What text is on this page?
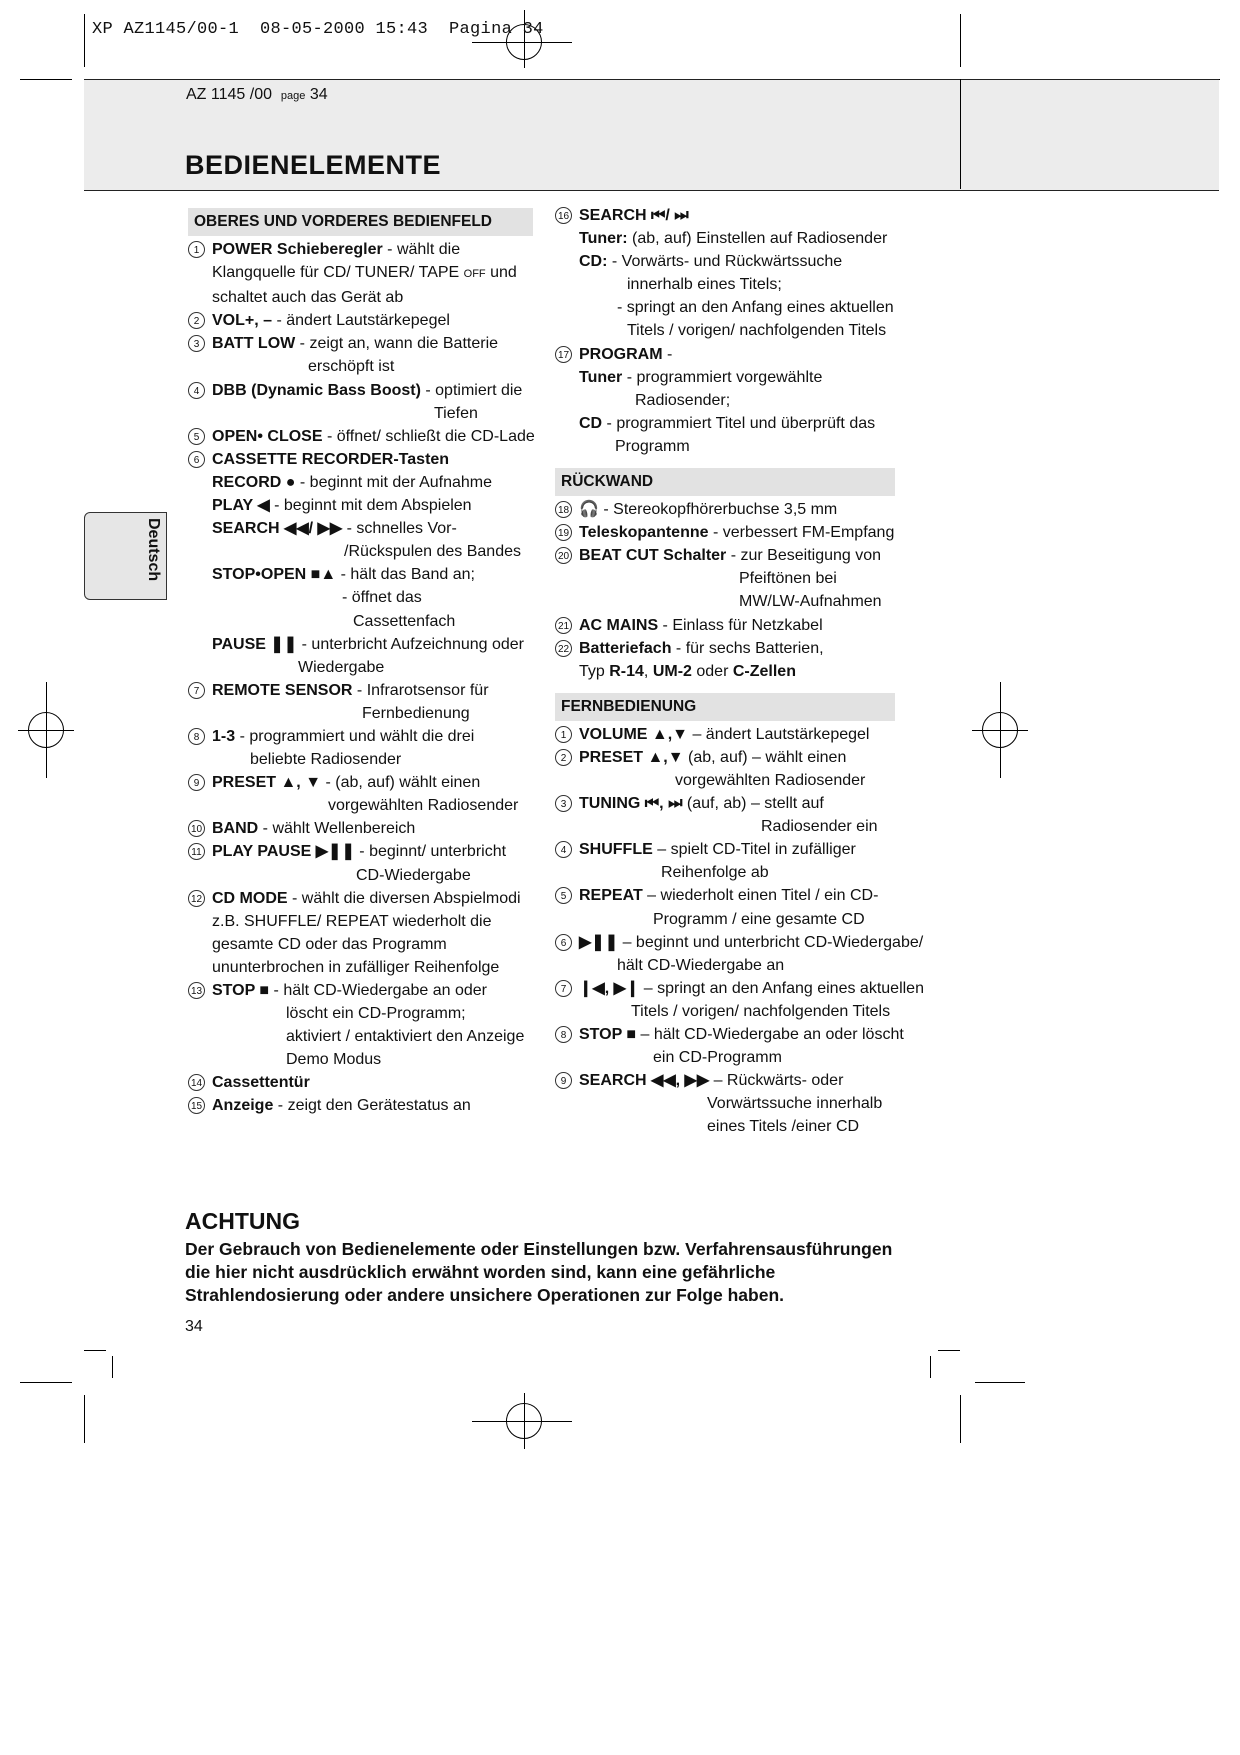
XP AZ1145/00-1  08-05-2000 15:43  Pagina 34
AZ 1145 /00 page 34
BEDIENELEMENTE
Deutsch
OBERES UND VORDERES BEDIENFELD
1 POWER Schieberegler - wählt die
Klangquelle für CD/ TUNER/ TAPE OFF und
schaltet auch das Gerät ab
2 VOL+, – - ändert Lautstärkepegel
3 BATT LOW - zeigt an, wann die Batterie
erschöpft ist
4 DBB (Dynamic Bass Boost) - optimiert die
Tiefen
5 OPEN• CLOSE - öffnet/ schließt die CD-Lade
6 CASSETTE RECORDER-Tasten
RECORD ● - beginnt mit der Aufnahme
PLAY ◀ - beginnt mit dem Abspielen
SEARCH ◀◀/ ▶▶ - schnelles Vor-
/Rückspulen des Bandes
STOP•OPEN ■▲ - hält das Band an;
- öffnet das
Cassettenfach
PAUSE ❚❚ - unterbricht Aufzeichnung oder
Wiedergabe
7 REMOTE SENSOR - Infrarotsensor für
Fernbedienung
8 1-3 - programmiert und wählt die drei
beliebte Radiosender
9 PRESET ▲, ▼ - (ab, auf) wählt einen
vorgewählten Radiosender
10 BAND - wählt Wellenbereich
11 PLAY PAUSE ▶❚❚ - beginnt/ unterbricht
CD-Wiedergabe
12 CD MODE - wählt die diversen Abspielmodi
z.B. SHUFFLE/ REPEAT wiederholt die
gesamte CD oder das Programm
ununterbrochen in zufälliger Reihenfolge
13 STOP ■ - hält CD-Wiedergabe an oder
löscht ein CD-Programm;
aktiviert / entaktiviert den Anzeige
Demo Modus
14 Cassettentür
15 Anzeige - zeigt den Gerätestatus an
16 SEARCH ⏮/ ⏭
Tuner: (ab, auf) Einstellen auf Radiosender
CD: - Vorwärts- und Rückwärtssuche
innerhalb eines Titels;
- springt an den Anfang eines aktuellen
Titels / vorigen/ nachfolgenden Titels
17 PROGRAM -
Tuner - programmiert vorgewählte
Radiosender;
CD - programmiert Titel und überprüft das
Programm
RÜCKWAND
18 🎧 - Stereokopfhörerbuchse 3,5 mm
19 Teleskopantenne - verbessert FM-Empfang
20 BEAT CUT Schalter - zur Beseitigung von
Pfeiftönen bei
MW/LW-Aufnahmen
21 AC MAINS - Einlass für Netzkabel
22 Batteriefach - für sechs Batterien,
Typ R-14, UM-2 oder C-Zellen
FERNBEDIENUNG
1 VOLUME ▲,▼ – ändert Lautstärkepegel
2 PRESET ▲,▼ (ab, auf) – wählt einen
vorgewählten Radiosender
3 TUNING ⏮, ⏭ (auf, ab) – stellt auf
Radiosender ein
4 SHUFFLE – spielt CD-Titel in zufälliger
Reihenfolge ab
5 REPEAT – wiederholt einen Titel / ein CD-
Programm / eine gesamte CD
6 ▶❚❚ – beginnt und unterbricht CD-Wiedergabe/
hält CD-Wiedergabe an
7 ❙◀, ▶❙ – springt an den Anfang eines aktuellen
Titels / vorigen/ nachfolgenden Titels
8 STOP ■ – hält CD-Wiedergabe an oder löscht
ein CD-Programm
9 SEARCH ◀◀, ▶▶ – Rückwärts- oder
Vorwärtssuche innerhalb
eines Titels /einer CD
ACHTUNG
Der Gebrauch von Bedienelemente oder Einstellungen bzw. Verfahrensausführungen die hier nicht ausdrücklich erwähnt worden sind, kann eine gefährliche Strahlendosierung oder andere unsichere Operationen zur Folge haben.
34
